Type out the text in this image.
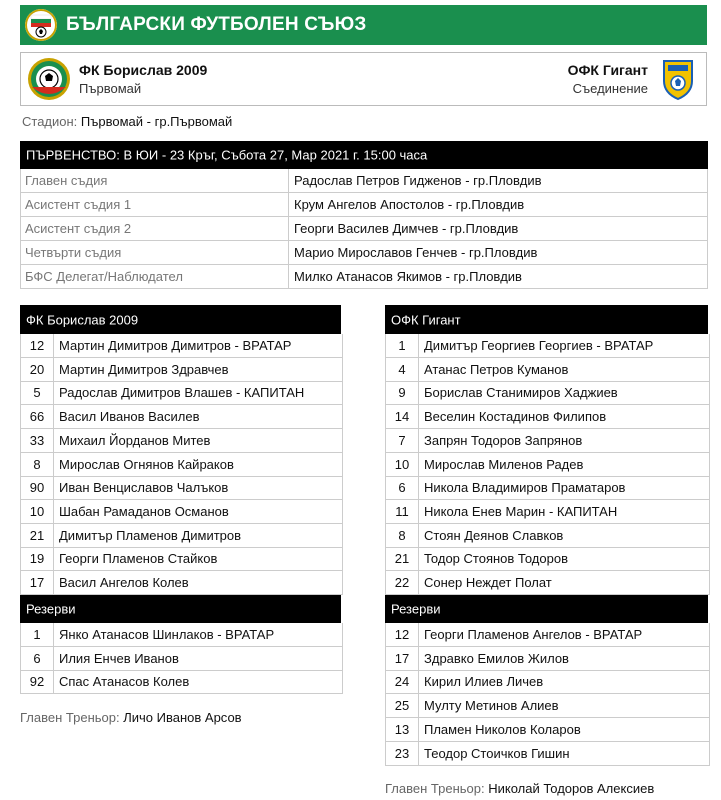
БЪЛГАРСКИ ФУТБОЛЕН СЪЮЗ
ФК Борислав 2009
Първомай
ОФК Гигант
Съединение
Стадион: Първомай - гр.Първомай
ПЪРВЕНСТВО: В ЮИ - 23 Кръг, Събота 27, Мар 2021 г. 15:00 часа
Главен съдия	Радослав Петров Гидженов - гр.Пловдив
Асистент съдия 1	Крум Ангелов Апостолов - гр.Пловдив
Асистент съдия 2	Георги Василев Димчев - гр.Пловдив
Четвърти съдия	Марио Мирославов Генчев - гр.Пловдив
БФС Делегат/Наблюдател	Милко Атанасов Якимов - гр.Пловдив
ФК Борислав 2009
12	Мартин Димитров Димитров - ВРАТАР
20	Мартин Димитров Здравчев
5	Радослав Димитров Влашев - КАПИТАН
66	Васил Иванов Василев
33	Михаил Йорданов Митев
8	Мирослав Огнянов Кайраков
90	Иван Венциславов Чалъков
10	Шабан Рамаданов Османов
21	Димитър Пламенов Димитров
19	Георги Пламенов Стайков
17	Васил Ангелов Колев
Резерви
1	Янко Атанасов Шинлаков - ВРАТАР
6	Илия Енчев Иванов
92	Спас Атанасов Колев
Главен Треньор: Личо Иванов Арсов
ОФК Гигант
1	Димитър Георгиев Георгиев - ВРАТАР
4	Атанас Петров Куманов
9	Борислав Станимиров Хаджиев
14	Веселин Костадинов Филипов
7	Запрян Тодоров Запрянов
10	Мирослав Миленов Радев
6	Никола Владимиров Праматаров
11	Никола Енев Марин - КАПИТАН
8	Стоян Деянов Славков
21	Тодор Стоянов Тодоров
22	Сонер Неждет Полат
Резерви
12	Георги Пламенов Ангелов - ВРАТАР
17	Здравко Емилов Жилов
24	Кирил Илиев Личев
25	Мулту Метинов Алиев
13	Пламен Николов Коларов
23	Теодор Стоичков Гишин
Главен Треньор: Николай Тодоров Алексиев
